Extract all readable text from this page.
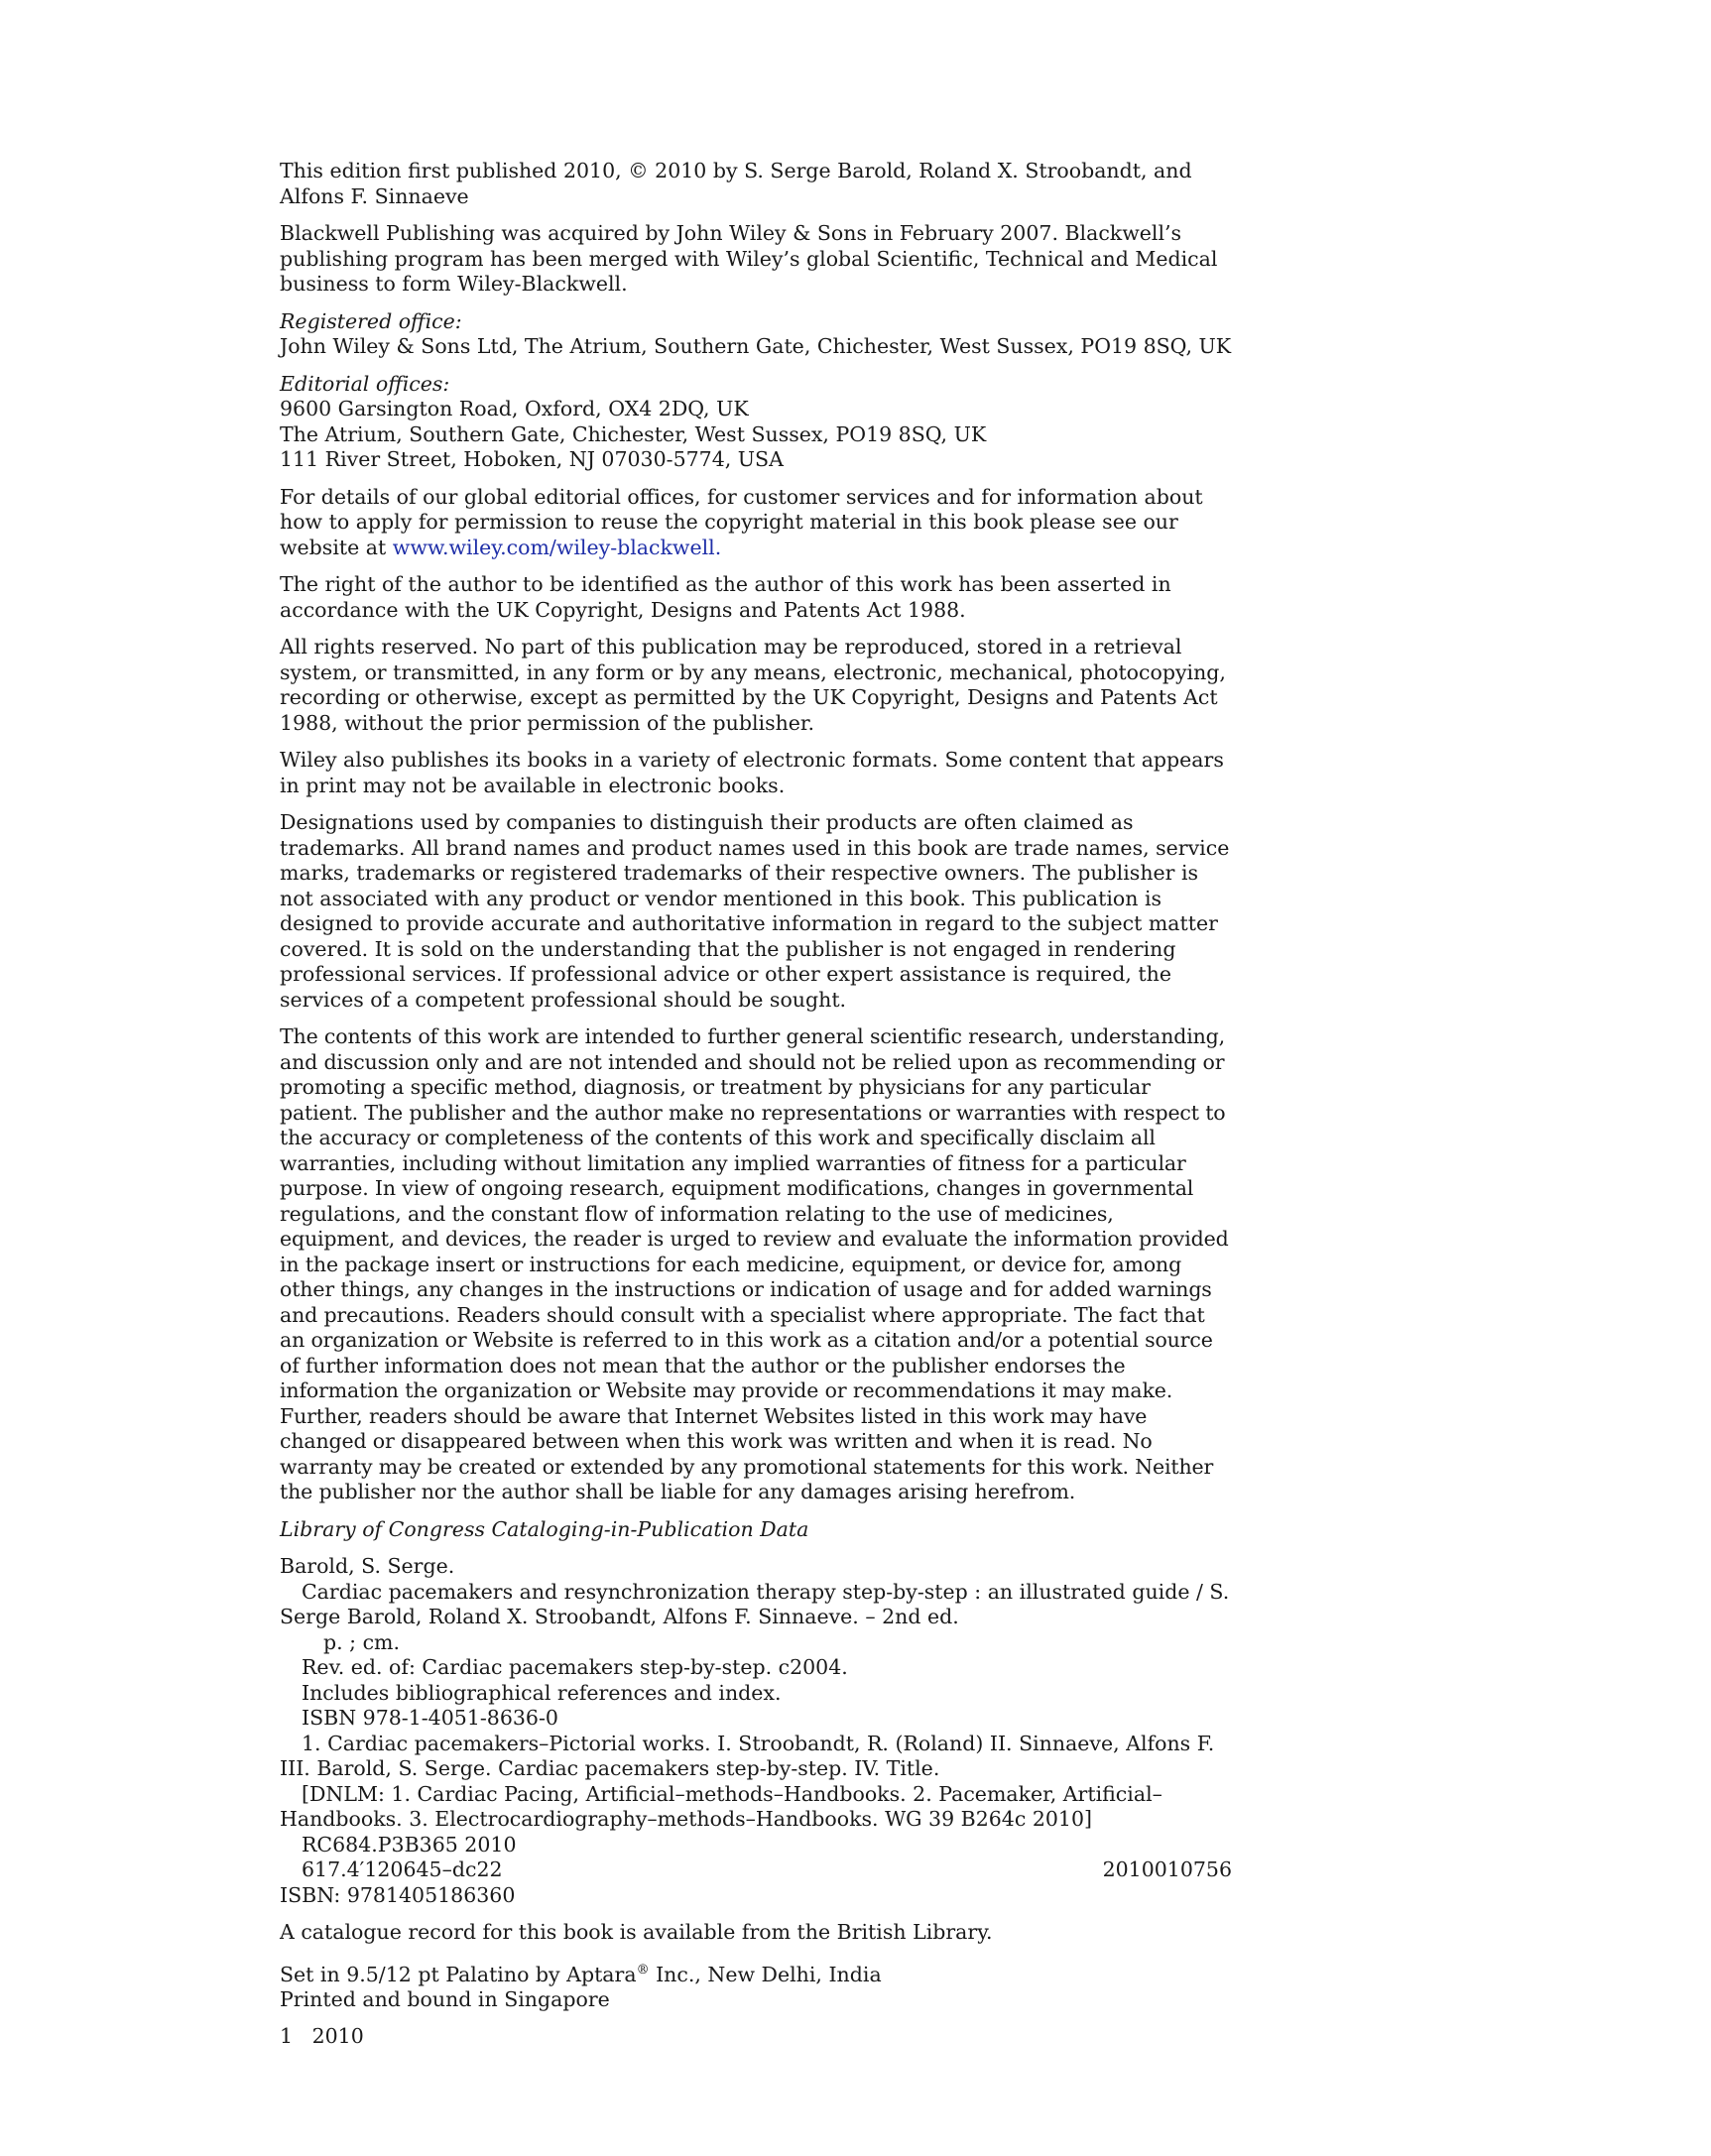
This edition first published 2010, © 2010 by S. Serge Barold, Roland X. Stroobandt, and Alfons F. Sinnaeve

Blackwell Publishing was acquired by John Wiley & Sons in February 2007. Blackwell’s publishing program has been merged with Wiley’s global Scientific, Technical and Medical business to form Wiley-Blackwell.

Registered office:
John Wiley & Sons Ltd, The Atrium, Southern Gate, Chichester, West Sussex, PO19 8SQ, UK

Editorial offices:
9600 Garsington Road, Oxford, OX4 2DQ, UK
The Atrium, Southern Gate, Chichester, West Sussex, PO19 8SQ, UK
111 River Street, Hoboken, NJ 07030-5774, USA

For details of our global editorial offices, for customer services and for information about how to apply for permission to reuse the copyright material in this book please see our website at www.wiley.com/wiley-blackwell.

The right of the author to be identified as the author of this work has been asserted in accordance with the UK Copyright, Designs and Patents Act 1988.

All rights reserved. No part of this publication may be reproduced, stored in a retrieval system, or transmitted, in any form or by any means, electronic, mechanical, photocopying, recording or otherwise, except as permitted by the UK Copyright, Designs and Patents Act 1988, without the prior permission of the publisher.

Wiley also publishes its books in a variety of electronic formats. Some content that appears in print may not be available in electronic books.

Designations used by companies to distinguish their products are often claimed as trademarks. All brand names and product names used in this book are trade names, service marks, trademarks or registered trademarks of their respective owners. The publisher is not associated with any product or vendor mentioned in this book. This publication is designed to provide accurate and authoritative information in regard to the subject matter covered. It is sold on the understanding that the publisher is not engaged in rendering professional services. If professional advice or other expert assistance is required, the services of a competent professional should be sought.

The contents of this work are intended to further general scientific research, understanding, and discussion only and are not intended and should not be relied upon as recommending or promoting a specific method, diagnosis, or treatment by physicians for any particular patient. The publisher and the author make no representations or warranties with respect to the accuracy or completeness of the contents of this work and specifically disclaim all warranties, including without limitation any implied warranties of fitness for a particular purpose. In view of ongoing research, equipment modifications, changes in governmental regulations, and the constant flow of information relating to the use of medicines, equipment, and devices, the reader is urged to review and evaluate the information provided in the package insert or instructions for each medicine, equipment, or device for, among other things, any changes in the instructions or indication of usage and for added warnings and precautions. Readers should consult with a specialist where appropriate. The fact that an organization or Website is referred to in this work as a citation and/or a potential source of further information does not mean that the author or the publisher endorses the information the organization or Website may provide or recommendations it may make. Further, readers should be aware that Internet Websites listed in this work may have changed or disappeared between when this work was written and when it is read. No warranty may be created or extended by any promotional statements for this work. Neither the publisher nor the author shall be liable for any damages arising herefrom.

Library of Congress Cataloging-in-Publication Data

Barold, S. Serge.

Cardiac pacemakers and resynchronization therapy step-by-step : an illustrated guide / S. Serge Barold, Roland X. Stroobandt, Alfons F. Sinnaeve. – 2nd ed.

p. ; cm.

Rev. ed. of: Cardiac pacemakers step-by-step. c2004.

Includes bibliographical references and index.

ISBN 978-1-4051-8636-0

1. Cardiac pacemakers–Pictorial works. I. Stroobandt, R. (Roland) II. Sinnaeve, Alfons F. III. Barold, S. Serge. Cardiac pacemakers step-by-step. IV. Title.

[DNLM: 1. Cardiac Pacing, Artificial–methods–Handbooks. 2. Pacemaker, Artificial–Handbooks. 3. Electrocardiography–methods–Handbooks. WG 39 B264c 2010]

RC684.P3B365 2010

617.4′120645–dc22	2010010756

ISBN: 9781405186360

A catalogue record for this book is available from the British Library.

Set in 9.5/12 pt Palatino by Aptara® Inc., New Delhi, India
Printed and bound in Singapore

1   2010
